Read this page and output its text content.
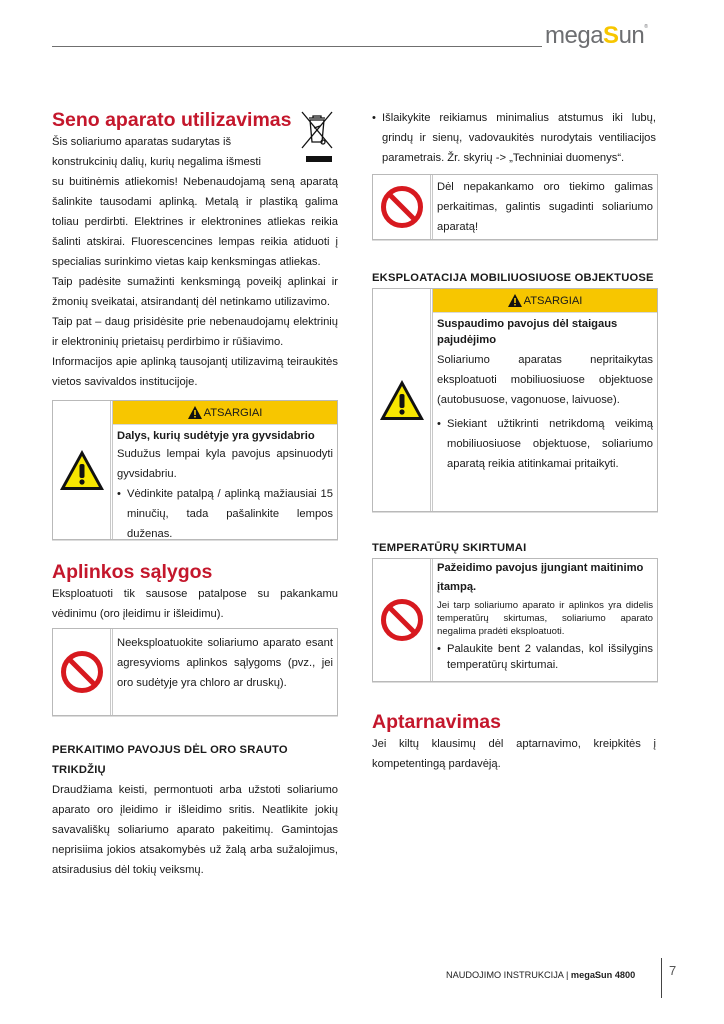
megaSun®
Seno aparato utilizavimas
Šis soliariumo aparatas sudarytas iš
konstrukcinių dalių, kurių negalima išmesti
su buitinėmis atliekomis! Nebenaudojamą seną aparatą šalinkite tausodami aplinką. Metalą ir plastiką galima toliau perdirbti. Elektrines ir elektronines atliekas reikia šalinti atskirai. Fluorescencines lempas reikia atiduoti į specialias surinkimo vietas kaip kenksmingas atliekas.
Taip padėsite sumažinti kenksmingą poveikį aplinkai ir žmonių sveikatai, atsirandantį dėl netinkamo utilizavimo.
Taip pat – daug prisidėsite prie nebenaudojamų elektrinių ir elektroninių prietaisų perdirbimo ir rūšiavimo.
Informacijos apie aplinką tausojantį utilizavimą teiraukitės vietos savivaldos institucijoje.
ATSARGIAI
Dalys, kurių sudėtyje yra gyvsidabrio
Sudužus lempai kyla pavojus apsinuodyti gyvsidabriu.
• Vėdinkite patalpą / aplinką mažiausiai 15 minučių, tada pašalinkite lempos duženas.
Aplinkos sąlygos
Eksploatuoti tik sausose patalpose su pakankamu vėdinimu (oro įleidimu ir išleidimu).
Neeksploatuokite soliariumo aparato esant agresyvioms aplinkos sąlygoms (pvz., jei oro sudėtyje yra chloro ar druskų).
PERKAITIMO PAVOJUS DĖL ORO SRAUTO TRIKDŽIŲ
Draudžiama keisti, permontuoti arba užstoti soliariumo aparato oro įleidimo ir išleidimo sritis. Neatlikite jokių savavališkų soliariumo aparato pakeitimų. Gamintojas neprisiima jokios atsakomybės už žalą arba sužalojimus, atsiradusius dėl tokių veiksmų.
• Išlaikykite reikiamus minimalius atstumus iki lubų, grindų ir sienų, vadovaukitės nurodytais ventiliacijos parametrais. Žr. skyrių -> „Techniniai duomenys“.
Dėl nepakankamo oro tiekimo galimas perkaitimas, galintis sugadinti soliariumo aparatą!
EKSPLOATACIJA MOBILIUOSIUOSE OBJEKTUOSE
ATSARGIAI
Suspaudimo pavojus dėl staigaus pajudėjimo
Soliariumo aparatas nepritaikytas eksploatuoti mobiliuosiuose objektuose (autobusuose, vagonuose, laivuose).
• Siekiant užtikrinti netrikdomą veikimą mobiliuosiuose objektuose, soliariumo aparatą reikia atitinkamai pritaikyti.
TEMPERATŪRŲ SKIRTUMAI
Pažeidimo pavojus įjungiant maitinimo įtampą.
Jei tarp soliariumo aparato ir aplinkos yra didelis temperatūrų skirtumas, soliariumo aparato negalima pradėti eksploatuoti.
• Palaukite bent 2 valandas, kol išsilygins temperatūrų skirtumai.
Aptarnavimas
Jei kiltų klausimų dėl aptarnavimo, kreipkitės į kompetentingą pardavėją.
NAUDOJIMO INSTRUKCIJA | megaSun 4800	7
